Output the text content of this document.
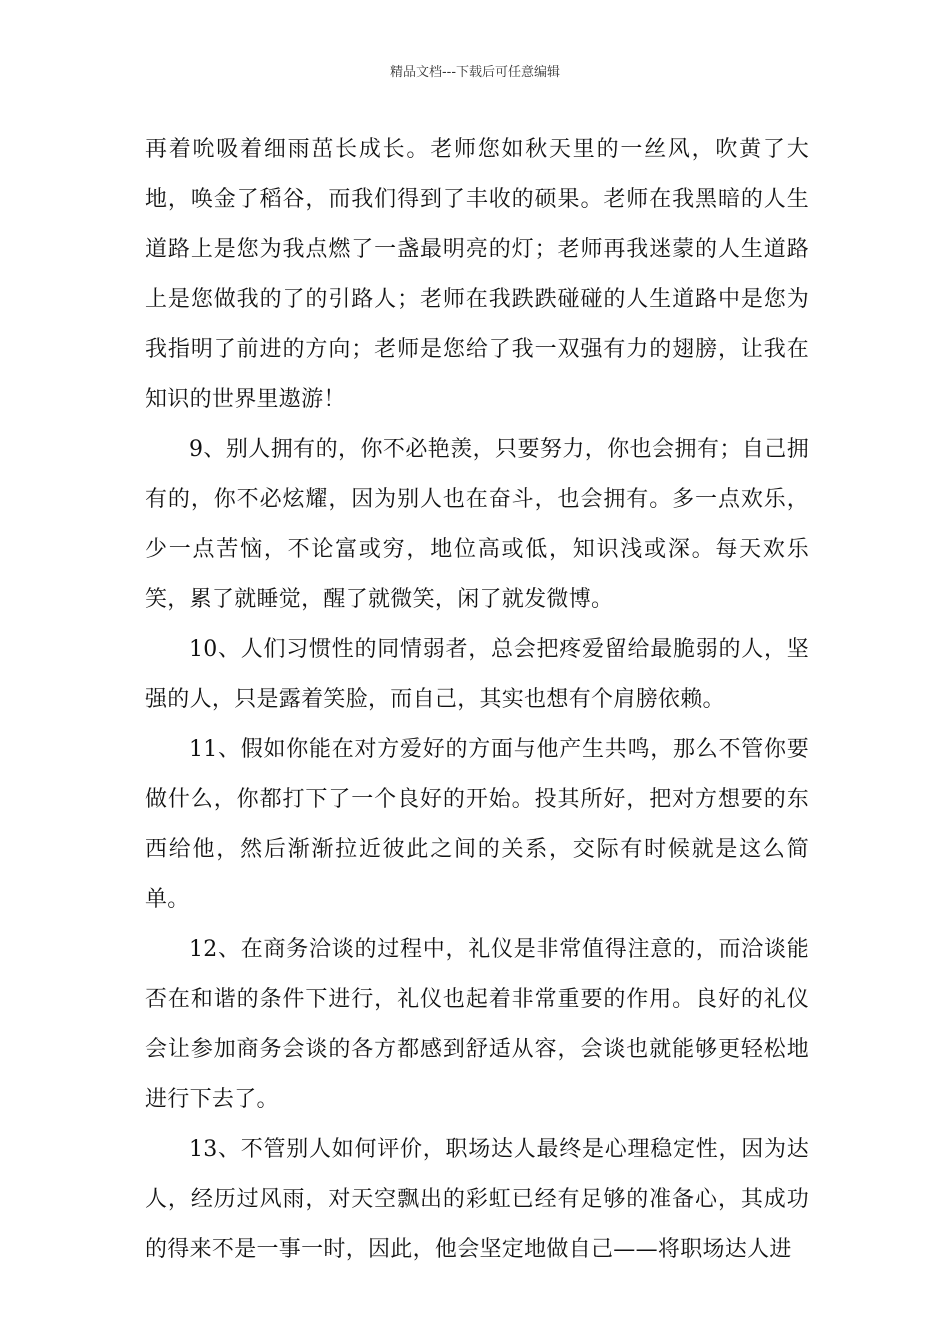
精品文档---下载后可任意编辑

再着吮吸着细雨茁长成长。老师您如秋天里的一丝风，吹黄了大地，唤金了稻谷，而我们得到了丰收的硕果。老师在我黑暗的人生道路上是您为我点燃了一盏最明亮的灯；老师再我迷蒙的人生道路上是您做我的了的引路人；老师在我跌跌碰碰的人生道路中是您为我指明了前进的方向；老师是您给了我一双强有力的翅膀，让我在知识的世界里遨游！

9、别人拥有的，你不必艳羡，只要努力，你也会拥有；自己拥有的，你不必炫耀，因为别人也在奋斗，也会拥有。多一点欢乐，少一点苦恼，不论富或穷，地位高或低，知识浅或深。每天欢乐笑，累了就睡觉，醒了就微笑，闲了就发微博。

10、人们习惯性的同情弱者，总会把疼爱留给最脆弱的人，坚强的人，只是露着笑脸，而自己，其实也想有个肩膀依赖。

11、假如你能在对方爱好的方面与他产生共鸣，那么不管你要做什么，你都打下了一个良好的开始。投其所好，把对方想要的东西给他，然后渐渐拉近彼此之间的关系，交际有时候就是这么简单。

12、在商务洽谈的过程中，礼仪是非常值得注意的，而洽谈能否在和谐的条件下进行，礼仪也起着非常重要的作用。良好的礼仪会让参加商务会谈的各方都感到舒适从容，会谈也就能够更轻松地进行下去了。

13、不管别人如何评价，职场达人最终是心理稳定性，因为达人，经历过风雨，对天空飘出的彩虹已经有足够的准备心，其成功的得来不是一事一时，因此，他会坚定地做自己——将职场达人进
